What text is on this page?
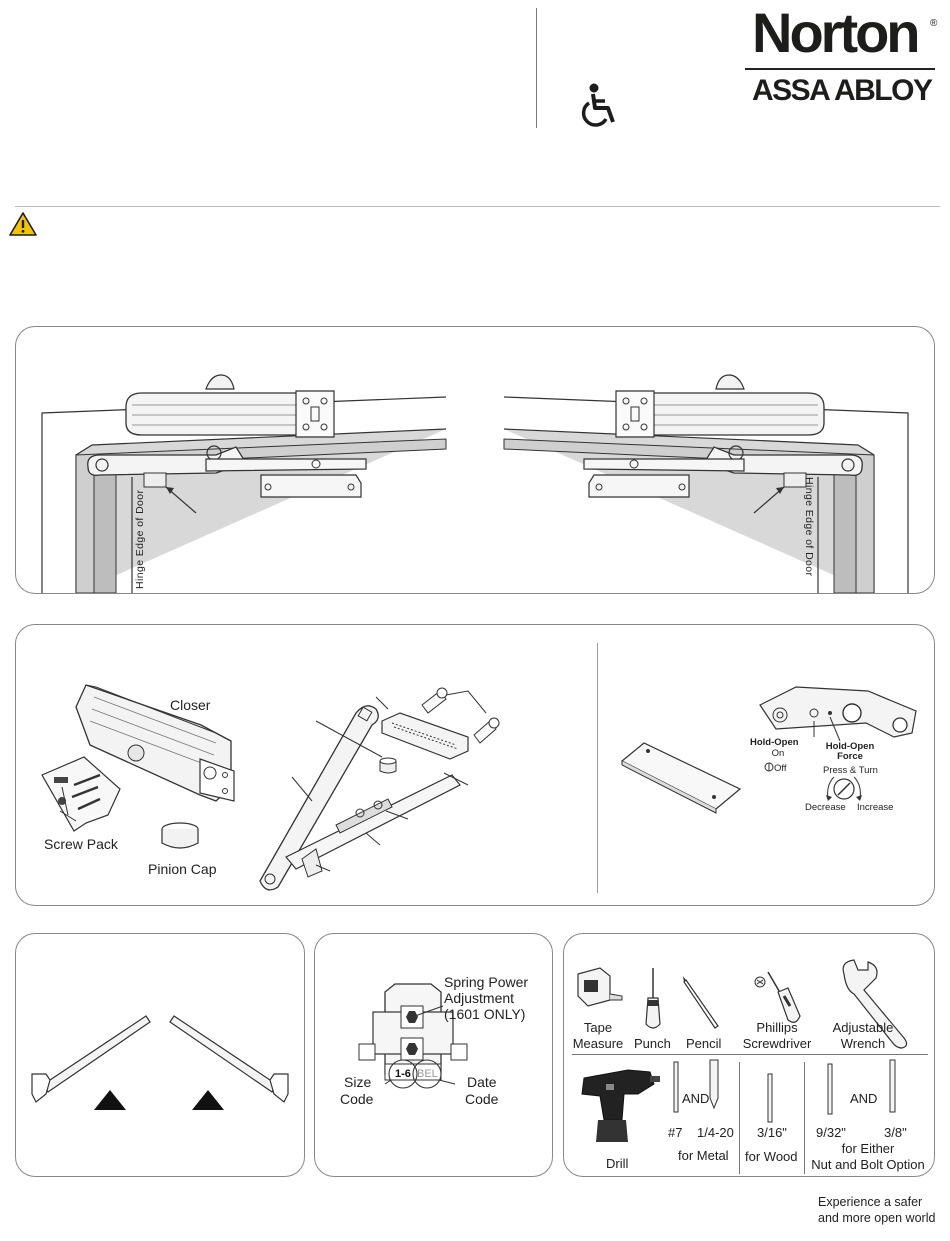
Norton ®
ASSA ABLOY
Hinge Edge of Door	Hinge Edge of Door
Closer
Screw Pack
Pinion Cap
Hold-Open
On
Off
Hold-Open
Force
Press & Turn
Decrease Increase
1-6 BEL
Spring Power
Adjustment
(1601 ONLY)
Size
Code
Date
Code
Tape
Measure Punch Pencil
Phillips
Screwdriver
Adjustable
Wrench
Drill
AND
#7 1/4-20
for Metal
3/16"
for Wood
AND
9/32"	3/8"
for Either
Nut and Bolt Option
Experience a safer
and more open world
